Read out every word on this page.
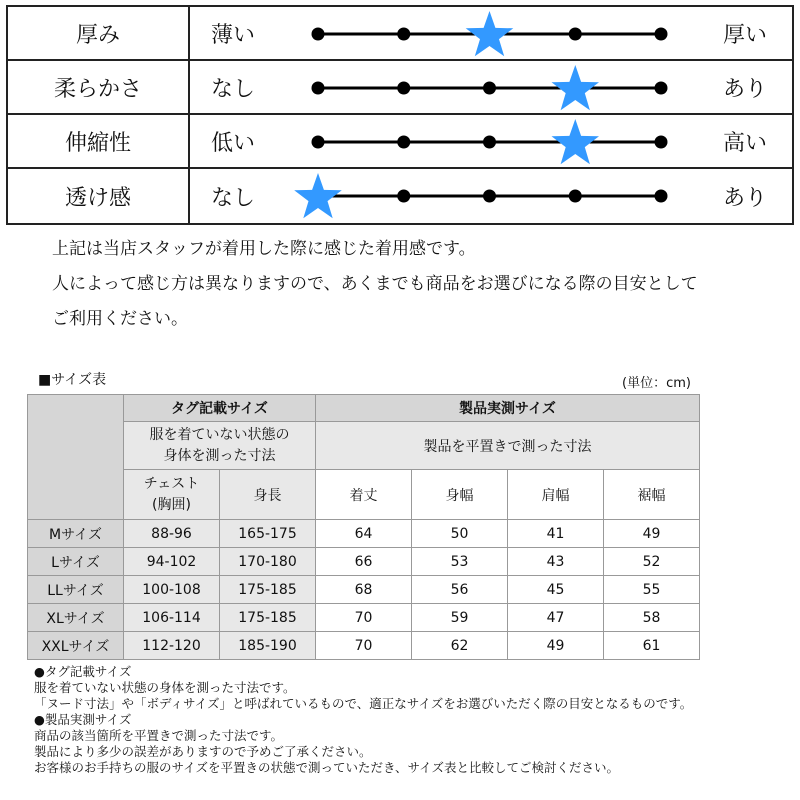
厚み	薄い	厚い
柔らかさ	なし	あり
伸縮性	低い	高い
透け感	なし	あり
上記は当店スタッフが着用した際に感じた着用感です。
人によって感じ方は異なりますので、あくまでも商品をお選びになる際の目安として
ご利用ください。
■サイズ表	(単位：cm)
	タグ記載サイズ		製品実測サイズ			

	服を着ていない状態の
身体を測った寸法		製品を平置きで測った寸法			

	チェスト
(胸囲)	身長	着丈	身幅	肩幅	裾幅
Mサイズ	88-96	165-175	64	50	41	49
Lサイズ	94-102	170-180	66	53	43	52
LLサイズ	100-108	175-185	68	56	45	55
XLサイズ	106-114	175-185	70	59	47	58
XXLサイズ	112-120	185-190	70	62	49	61
●タグ記載サイズ
服を着ていない状態の身体を測った寸法です。
「ヌード寸法」や「ボディサイズ」と呼ばれているもので、適正なサイズをお選びいただく際の目安となるものです。
●製品実測サイズ
商品の該当箇所を平置きで測った寸法です。
製品により多少の誤差がありますので予めご了承ください。
お客様のお手持ちの服のサイズを平置きの状態で測っていただき、サイズ表と比較してご検討ください。
